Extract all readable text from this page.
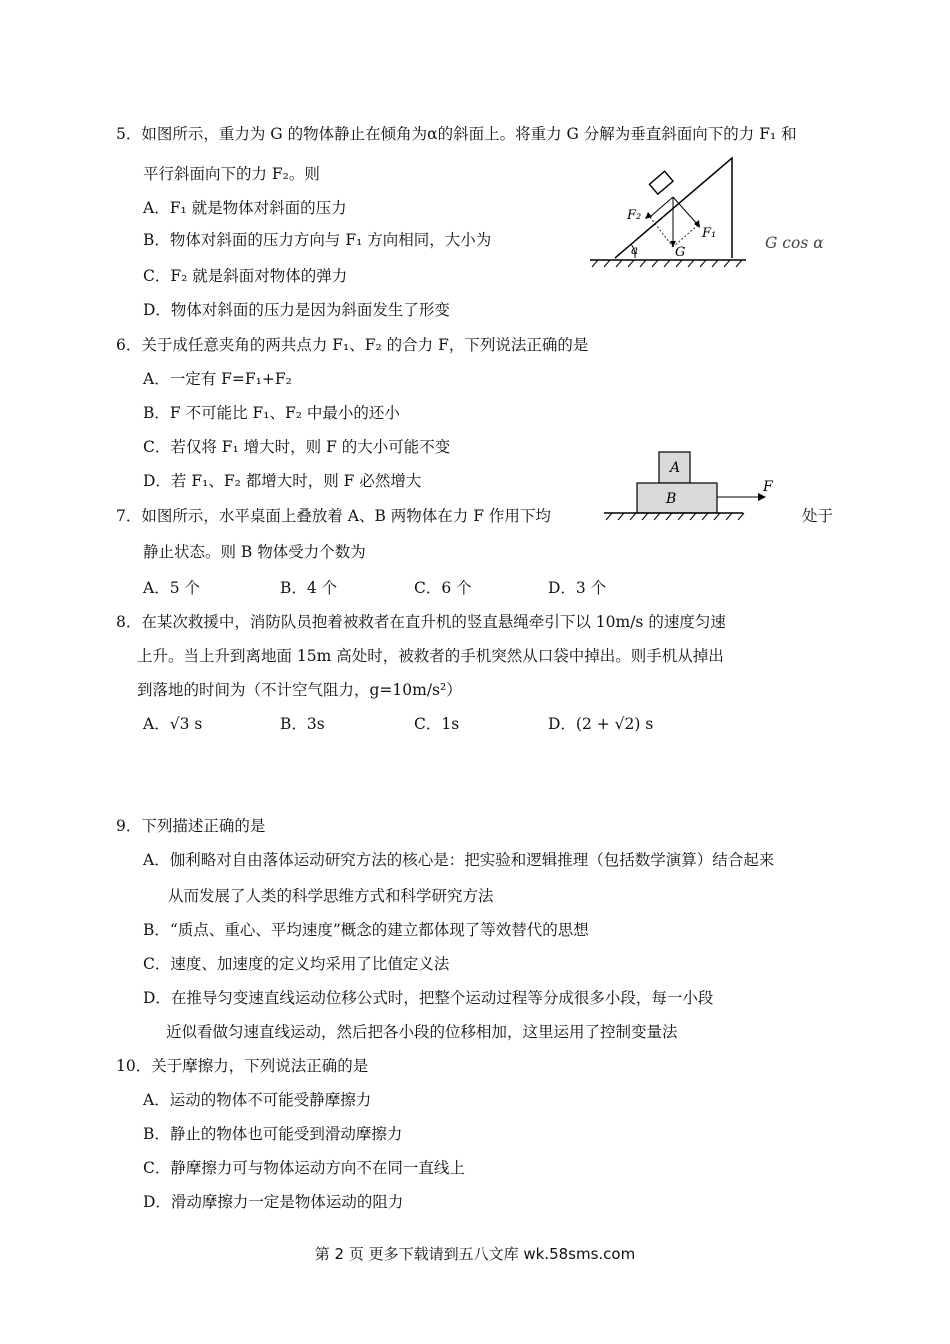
5．如图所示，重力为 G 的物体静止在倾角为α的斜面上。将重力 G 分解为垂直斜面向下的力 F₁ 和
平行斜面向下的力 F₂。则
A．F₁ 就是物体对斜面的压力
B．物体对斜面的压力方向与 F₁ 方向相同，大小为
C．F₂ 就是斜面对物体的弹力
D．物体对斜面的压力是因为斜面发生了形变
G cos α
F₂
F₁
G
a
6．关于成任意夹角的两共点力 F₁、F₂ 的合力 F，下列说法正确的是
A．一定有 F=F₁+F₂
B．F 不可能比 F₁、F₂ 中最小的还小
C．若仅将 F₁ 增大时，则 F 的大小可能不变
D．若 F₁、F₂ 都增大时，则 F 必然增大
A
B
F
7．如图所示，水平桌面上叠放着 A、B 两物体在力 F 作用下均	处于
静止状态。则 B 物体受力个数为
A．5 个	B．4 个	C．6 个	D．3 个
8．在某次救援中，消防队员抱着被救者在直升机的竖直悬绳牵引下以 10m/s 的速度匀速
上升。当上升到离地面 15m 高处时，被救者的手机突然从口袋中掉出。则手机从掉出
到落地的时间为（不计空气阻力，g=10m/s²）
A．√3 s	B．3s	C．1s	D．(2 + √2) s
9．下列描述正确的是
A．伽利略对自由落体运动研究方法的核心是：把实验和逻辑推理（包括数学演算）结合起来
从而发展了人类的科学思维方式和科学研究方法
B．“质点、重心、平均速度”概念的建立都体现了等效替代的思想
C．速度、加速度的定义均采用了比值定义法
D．在推导匀变速直线运动位移公式时，把整个运动过程等分成很多小段，每一小段
近似看做匀速直线运动，然后把各小段的位移相加，这里运用了控制变量法
10．关于摩擦力，下列说法正确的是
A．运动的物体不可能受静摩擦力
B．静止的物体也可能受到滑动摩擦力
C．静摩擦力可与物体运动方向不在同一直线上
D．滑动摩擦力一定是物体运动的阻力
第 2 页 更多下载请到五八文库 wk.58sms.com
